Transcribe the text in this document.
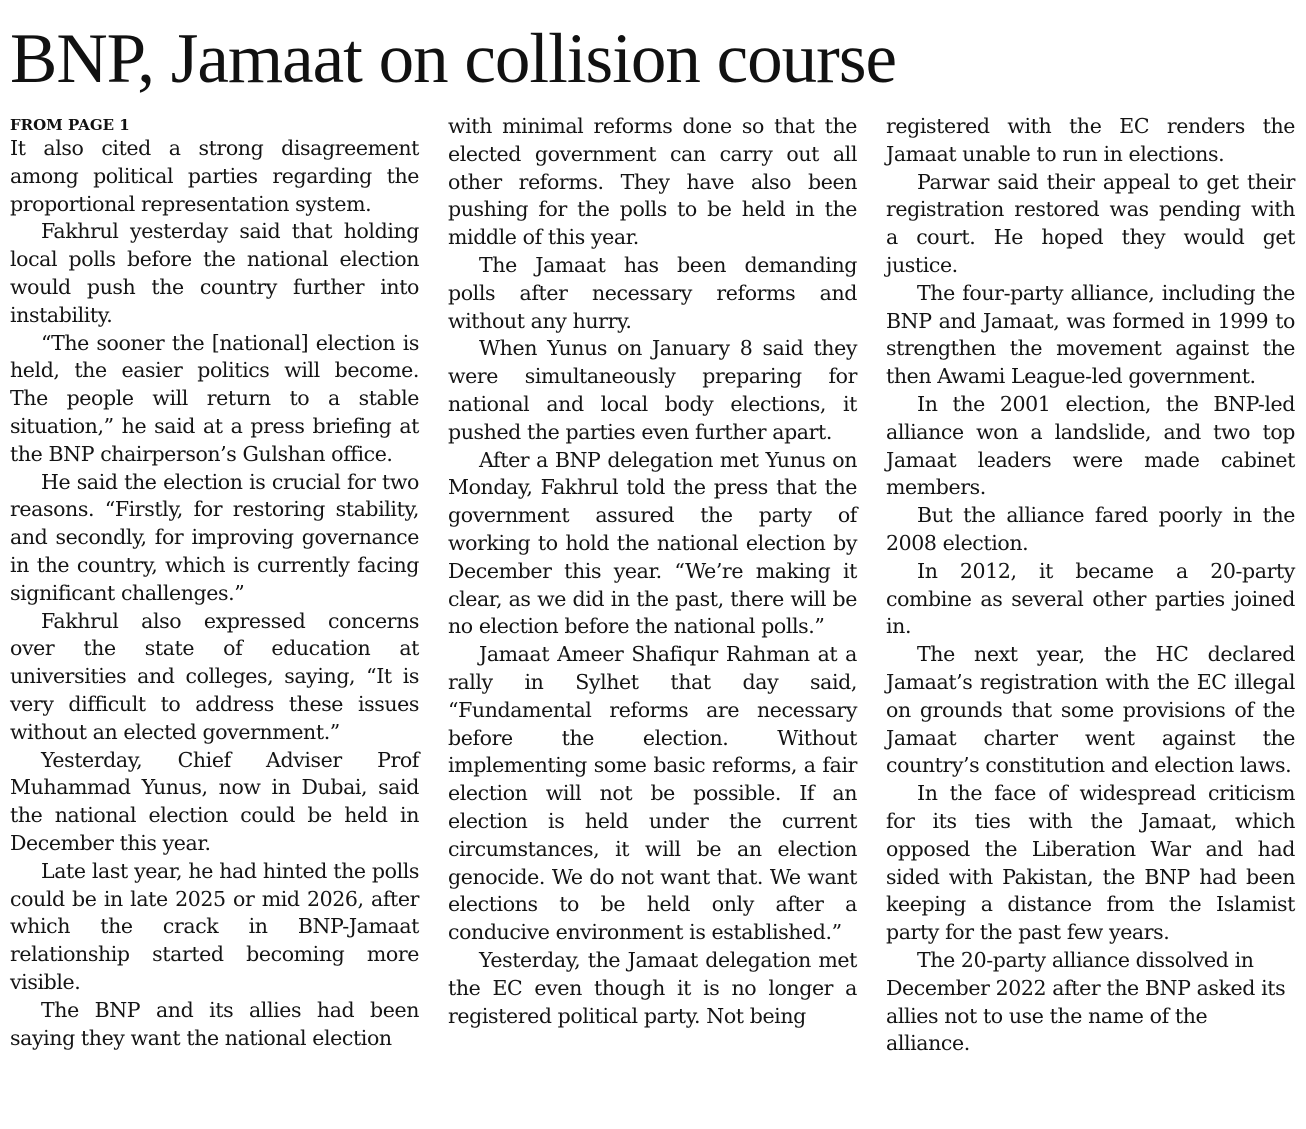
BNP, Jamaat on collision course
FROM PAGE 1

It also cited a strong disagreement among political parties regarding the proportional representation system.

Fakhrul yesterday said that holding local polls before the national election would push the country further into instability.

“The sooner the [national] election is held, the easier politics will become. The people will return to a stable situation,” he said at a press briefing at the BNP chairperson’s Gulshan office.

He said the election is crucial for two reasons. “Firstly, for restoring stability, and secondly, for improving governance in the country, which is currently facing significant challenges.”

Fakhrul also expressed concerns over the state of education at universities and colleges, saying, “It is very difficult to address these issues without an elected government.”

Yesterday, Chief Adviser Prof Muhammad Yunus, now in Dubai, said the national election could be held in December this year.

Late last year, he had hinted the polls could be in late 2025 or mid 2026, after which the crack in BNP-Jamaat relationship started becoming more visible.

The BNP and its allies had been saying they want the national election

with minimal reforms done so that the elected government can carry out all other reforms. They have also been pushing for the polls to be held in the middle of this year.

The Jamaat has been demanding polls after necessary reforms and without any hurry.

When Yunus on January 8 said they were simultaneously preparing for national and local body elections, it pushed the parties even further apart.

After a BNP delegation met Yunus on Monday, Fakhrul told the press that the government assured the party of working to hold the national election by December this year. “We’re making it clear, as we did in the past, there will be no election before the national polls.”

Jamaat Ameer Shafiqur Rahman at a rally in Sylhet that day said, “Fundamental reforms are necessary before the election. Without implementing some basic reforms, a fair election will not be possible. If an election is held under the current circumstances, it will be an election genocide. We do not want that. We want elections to be held only after a conducive environment is established.”

Yesterday, the Jamaat delegation met the EC even though it is no longer a registered political party. Not being

registered with the EC renders the Jamaat unable to run in elections.

Parwar said their appeal to get their registration restored was pending with a court. He hoped they would get justice.

The four-party alliance, including the BNP and Jamaat, was formed in 1999 to strengthen the movement against the then Awami League-led government.

In the 2001 election, the BNP-led alliance won a landslide, and two top Jamaat leaders were made cabinet members.

But the alliance fared poorly in the 2008 election.

In 2012, it became a 20-party combine as several other parties joined in.

The next year, the HC declared Jamaat’s registration with the EC illegal on grounds that some provisions of the Jamaat charter went against the country’s constitution and election laws.

In the face of widespread criticism for its ties with the Jamaat, which opposed the Liberation War and had sided with Pakistan, the BNP had been keeping a distance from the Islamist party for the past few years.

The 20-party alliance dissolved in December 2022 after the BNP asked its allies not to use the name of the alliance.
